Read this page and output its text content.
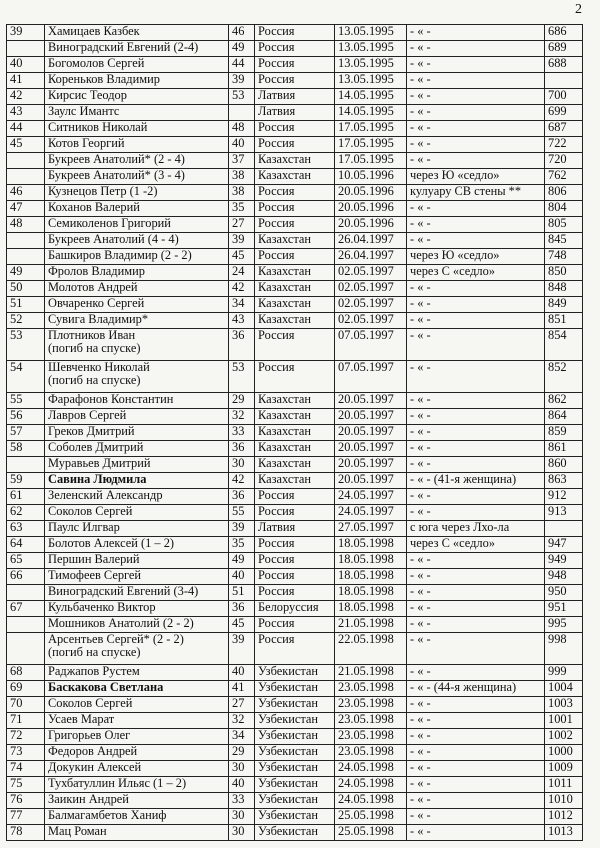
2
39	Хамицаев Казбек	46	Россия	13.05.1995	- « -	686
	Виноградский Евгений (2-4)	49	Россия	13.05.1995	- « -	689
40	Богомолов Сергей	44	Россия	13.05.1995	- « -	688
41	Кореньков Владимир	39	Россия	13.05.1995	- « -	
42	Кирсис Теодор	53	Латвия	14.05.1995	- « -	700
43	Заулс Имантс		Латвия	14.05.1995	- « -	699
44	Ситников Николай	48	Россия	17.05.1995	- « -	687
45	Котов Георгий	40	Россия	17.05.1995	- « -	722
	Букреев Анатолий* (2 - 4)	37	Казахстан	17.05.1995	- « -	720
	Букреев Анатолий* (3 - 4)	38	Казахстан	10.05.1996	через Ю «седло»	762
46	Кузнецов Петр (1 -2)	38	Россия	20.05.1996	кулуару СВ стены **	806
47	Коханов Валерий	35	Россия	20.05.1996	- « -	804
48	Семиколенов Григорий	27	Россия	20.05.1996	- « -	805
	Букреев Анатолий (4 - 4)	39	Казахстан	26.04.1997	- « -	845
	Башкиров Владимир (2 - 2)	45	Россия	26.04.1997	через Ю «седло»	748
49	Фролов Владимир	24	Казахстан	02.05.1997	через С «седло»	850
50	Молотов Андрей	42	Казахстан	02.05.1997	- « -	848
51	Овчаренко Сергей	34	Казахстан	02.05.1997	- « -	849
52	Сувига Владимир*	43	Казахстан	02.05.1997	- « -	851
53	Плотников Иван
(погиб на спуске)	36	Россия	07.05.1997	- « -	854
54	Шевченко Николай
(погиб на спуске)	53	Россия	07.05.1997	- « -	852
55	Фарафонов Константин	29	Казахстан	20.05.1997	- « -	862
56	Лавров Сергей	32	Казахстан	20.05.1997	- « -	864
57	Греков Дмитрий	33	Казахстан	20.05.1997	- « -	859
58	Соболев Дмитрий	36	Казахстан	20.05.1997	- « -	861
	Муравьев Дмитрий	30	Казахстан	20.05.1997	- « -	860
59	Савина Людмила	42	Казахстан	20.05.1997	- « - (41-я женщина)	863
61	Зеленский Александр	36	Россия	24.05.1997	- « -	912
62	Соколов Сергей	55	Россия	24.05.1997	- « -	913
63	Паулс Илгвар	39	Латвия	27.05.1997	с юга через Лхо-ла	
64	Болотов Алексей (1 – 2)	35	Россия	18.05.1998	через С «седло»	947
65	Першин Валерий	49	Россия	18.05.1998	- « -	949
66	Тимофеев Сергей	40	Россия	18.05.1998	- « -	948
	Виноградский Евгений (3-4)	51	Россия	18.05.1998	- « -	950
67	Кульбаченко Виктор	36	Белоруссия	18.05.1998	- « -	951
	Мошников Анатолий (2 - 2)	45	Россия	21.05.1998	- « -	995
	Арсентьев Сергей* (2 - 2)
(погиб на спуске)	39	Россия	22.05.1998	- « -	998
68	Раджапов Рустем	40	Узбекистан	21.05.1998	- « -	999
69	Баскакова Светлана	41	Узбекистан	23.05.1998	- « - (44-я женщина)	1004
70	Соколов Сергей	27	Узбекистан	23.05.1998	- « -	1003
71	Усаев Марат	32	Узбекистан	23.05.1998	- « -	1001
72	Григорьев Олег	34	Узбекистан	23.05.1998	- « -	1002
73	Федоров Андрей	29	Узбекистан	23.05.1998	- « -	1000
74	Докукин Алексей	30	Узбекистан	24.05.1998	- « -	1009
75	Тухбатуллин Ильяс (1 – 2)	40	Узбекистан	24.05.1998	- « -	1011
76	Заикин Андрей	33	Узбекистан	24.05.1998	- « -	1010
77	Балмагамбетов Ханиф	30	Узбекистан	25.05.1998	- « -	1012
78	Мац Роман	30	Узбекистан	25.05.1998	- « -	1013
